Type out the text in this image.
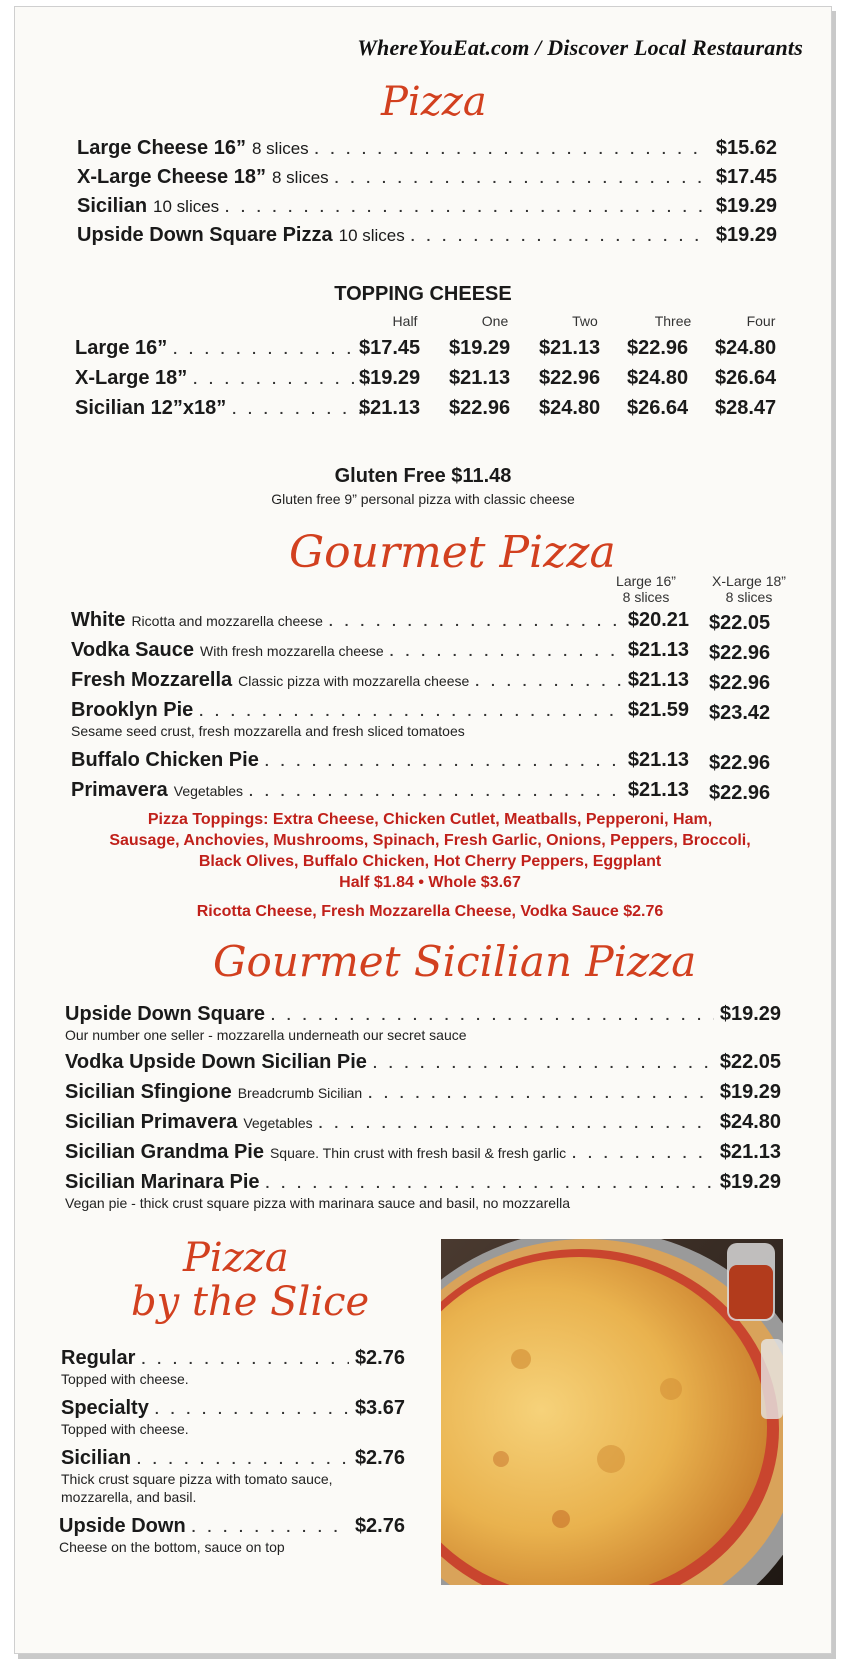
WhereYouEat.com / Discover Local Restaurants
Pizza
Large Cheese 16” 8 slices . . .	$15.62
X-Large Cheese 18” 8 slices . . .	$17.45
Sicilian 10 slices . . .	$19.29
Upside Down Square Pizza 10 slices . . .	$19.29
TOPPING CHEESE
Half	One	Two	Three	Four
Large 16” . . .	$17.45 $19.29 $21.13 $22.96 $24.80
X-Large 18” . . .	$19.29 $21.13 $22.96 $24.80 $26.64
Sicilian 12”x18” . . .	$21.13 $22.96 $24.80 $26.64 $28.47
Gluten Free $11.48
Gluten free 9” personal pizza with classic cheese
Gourmet Pizza
Large 16”
8 slices
X-Large 18”
8 slices
White Ricotta and mozzarella cheese . . .	$20.21 $22.05
Vodka Sauce With fresh mozzarella cheese . . .	$21.13 $22.96
Fresh Mozzarella Classic pizza with mozzarella cheese . . .	$21.13 $22.96
Brooklyn Pie . . .	$21.59 $23.42
Sesame seed crust, fresh mozzarella and fresh sliced tomatoes
Buffalo Chicken Pie . . .	$21.13 $22.96
Primavera Vegetables . . .	$21.13 $22.96
Pizza Toppings: Extra Cheese, Chicken Cutlet, Meatballs, Pepperoni, Ham,
Sausage, Anchovies, Mushrooms, Spinach, Fresh Garlic, Onions, Peppers, Broccoli,
Black Olives, Buffalo Chicken, Hot Cherry Peppers, Eggplant
Half $1.84 • Whole $3.67
Ricotta Cheese, Fresh Mozzarella Cheese, Vodka Sauce $2.76
Gourmet Sicilian Pizza
Upside Down Square . . .	$19.29
Our number one seller - mozzarella underneath our secret sauce
Vodka Upside Down Sicilian Pie . . .	$22.05
Sicilian Sfingione Breadcrumb Sicilian . . .	$19.29
Sicilian Primavera Vegetables . . .	$24.80
Sicilian Grandma Pie Square. Thin crust with fresh basil & fresh garlic . . .	$21.13
Sicilian Marinara Pie . . .	$19.29
Vegan pie - thick crust square pizza with marinara sauce and basil, no mozzarella
Pizza
by the Slice
Regular . . .	$2.76
Topped with cheese.
Specialty . . .	$3.67
Topped with cheese.
Sicilian . . .	$2.76
Thick crust square pizza with tomato sauce,
mozzarella, and basil.
Upside Down . . .	$2.76
Cheese on the bottom, sauce on top
